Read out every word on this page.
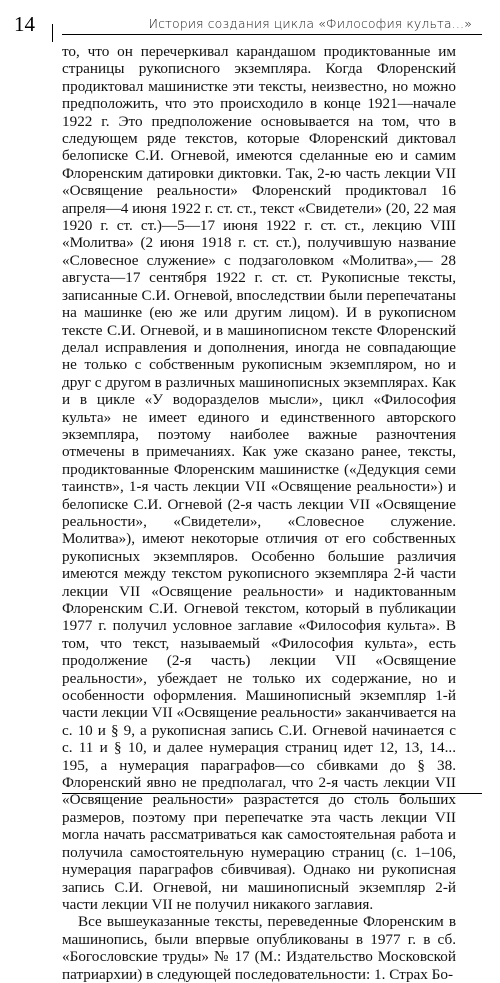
14	История создания цикла «Философия культа…»

то, что он перечеркивал карандашом продиктованные им страницы рукописного экземпляра. Когда Флоренский продиктовал машинистке эти тексты, неизвестно, но можно предположить, что это происходило в конце 1921—начале 1922 г. Это предположение основывается на том, что в следующем ряде текстов, которые Флоренский диктовал белописке С.И. Огневой, имеются сделанные ею и самим Флоренским датировки диктовки. Так, 2-ю часть лекции VII «Освящение реальности» Флоренский продиктовал 16 апреля—4 июня 1922 г. ст. ст., текст «Свидетели» (20, 22 мая 1920 г. ст. ст.)—5—17 июня 1922 г. ст. ст., лекцию VIII «Молитва» (2 июня 1918 г. ст. ст.), получившую название «Словесное служение» с подзаголовком «Молитва»,— 28 августа—17 сентября 1922 г. ст. ст. Рукописные тексты, записанные С.И. Огневой, впоследствии были перепечатаны на машинке (ею же или другим лицом). И в рукописном тексте С.И. Огневой, и в машинописном тексте Флоренский делал исправления и дополнения, иногда не совпадающие не только с собственным рукописным экземпляром, но и друг с другом в различных машинописных экземплярах. Как и в цикле «У водоразделов мысли», цикл «Философия культа» не имеет единого и единственного авторского экземпляра, поэтому наиболее важные разночтения отмечены в примечаниях. Как уже сказано ранее, тексты, продиктованные Флоренским машинистке («Дедукция семи таинств», 1-я часть лекции VII «Освящение реальности») и белописке С.И. Огневой (2-я часть лекции VII «Освящение реальности», «Свидетели», «Словесное служение. Молитва»), имеют некоторые отличия от его собственных рукописных экземпляров. Особенно большие различия имеются между текстом рукописного экземпляра 2-й части лекции VII «Освящение реальности» и надиктованным Флоренским С.И. Огневой текстом, который в публикации 1977 г. получил условное заглавие «Философия культа». В том, что текст, называемый «Философия культа», есть продолжение (2-я часть) лекции VII «Освящение реальности», убеждает не только их содержание, но и особенности оформления. Машинописный экземпляр 1-й части лекции VII «Освящение реальности» заканчивается на с. 10 и § 9, а рукописная запись С.И. Огневой начинается с с. 11 и § 10, и далее нумерация страниц идет 12, 13, 14... 195, а нумерация параграфов—со сбивками до § 38. Флоренский явно не предполагал, что 2-я часть лекции VII «Освящение реальности» разрастется до столь больших размеров, поэтому при перепечатке эта часть лекции VII могла начать рассматриваться как самостоятельная работа и получила самостоятельную нумерацию страниц (с. 1–106, нумерация параграфов сбивчивая). Однако ни рукописная запись С.И. Огневой, ни машинописный экземпляр 2-й части лекции VII не получил никакого заглавия.

Все вышеуказанные тексты, переведенные Флоренским в машинопись, были впервые опубликованы в 1977 г. в сб. «Богословские труды» № 17 (М.: Издательство Московской патриархии) в следующей последовательности: 1. Страх Бо-
